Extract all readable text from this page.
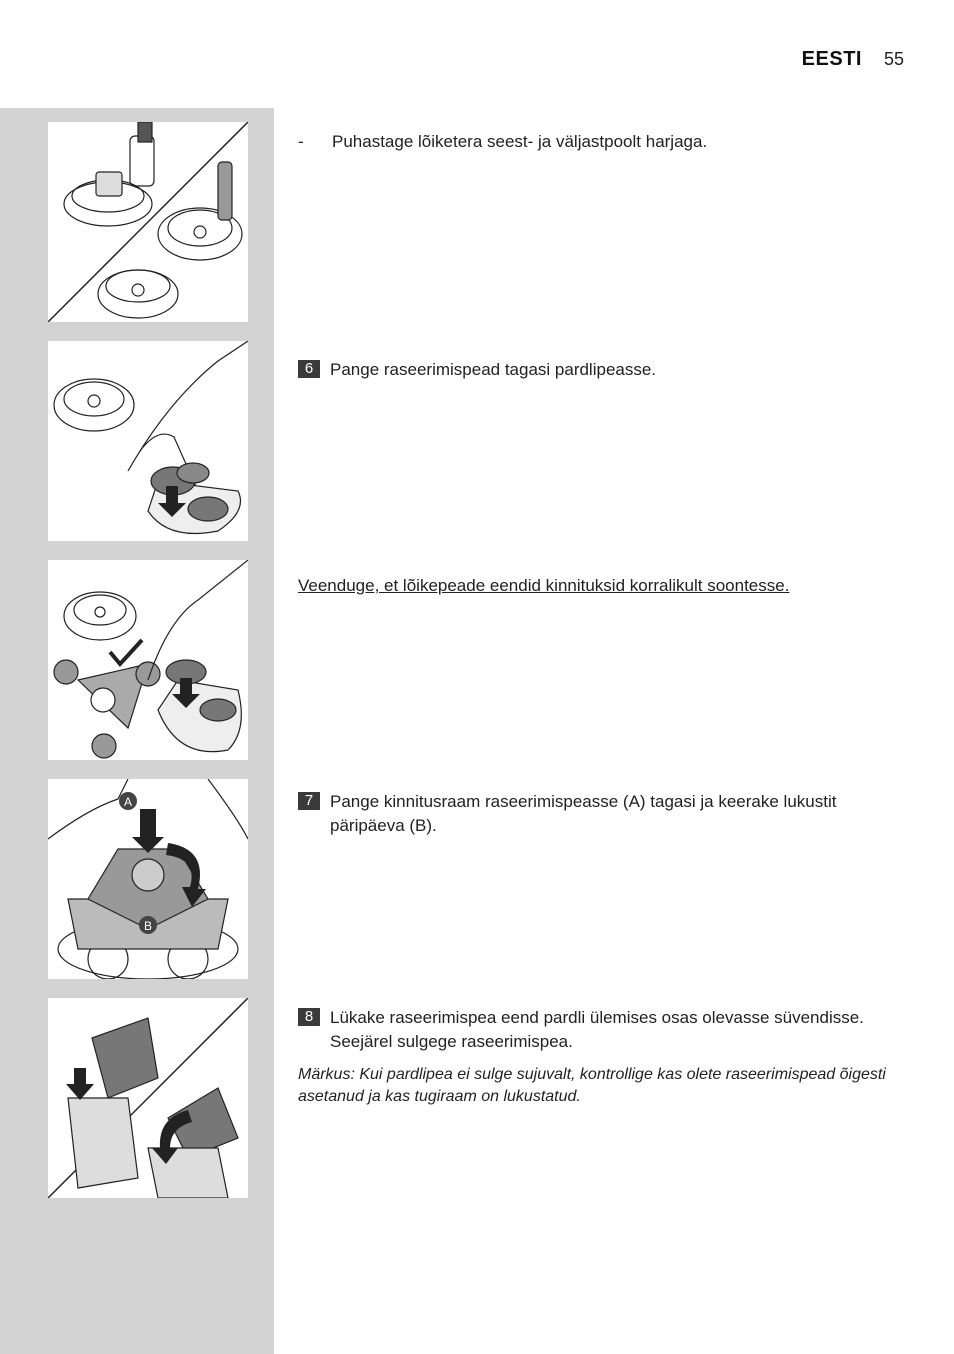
EESTI 55
-	Puhastage lõiketera seest- ja väljastpoolt harjaga.
6 Pange raseerimispead tagasi pardlipeasse.
Veenduge, et lõikepeade eendid kinnituksid korralikult soontesse.
A
B
7 Pange kinnitusraam raseerimispeasse (A) tagasi ja keerake lukustit päripäeva (B).
8 Lükake raseerimispea eend pardli ülemises osas olevasse süvendisse. Seejärel sulgege raseerimispea.
Märkus: Kui pardlipea ei sulge sujuvalt, kontrollige kas olete raseerimispead õigesti asetanud ja kas tugiraam on lukustatud.
